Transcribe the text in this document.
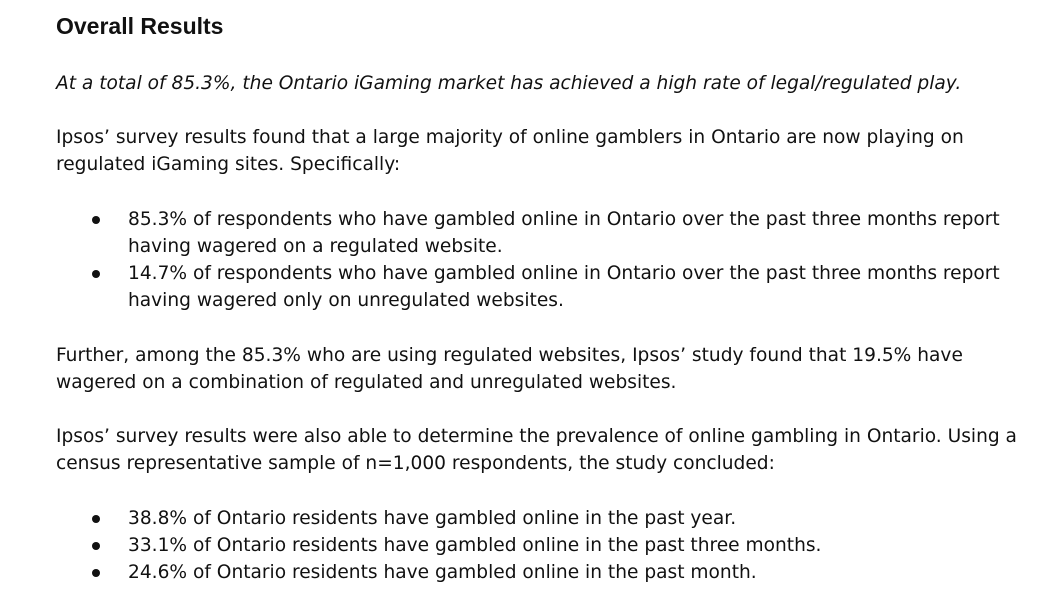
Overall Results

At a total of 85.3%, the Ontario iGaming market has achieved a high rate of legal/regulated play.

Ipsos’ survey results found that a large majority of online gamblers in Ontario are now playing on
regulated iGaming sites. Specifically:

85.3% of respondents who have gambled online in Ontario over the past three months report
having wagered on a regulated website.
14.7% of respondents who have gambled online in Ontario over the past three months report
having wagered only on unregulated websites.

Further, among the 85.3% who are using regulated websites, Ipsos’ study found that 19.5% have
wagered on a combination of regulated and unregulated websites.

Ipsos’ survey results were also able to determine the prevalence of online gambling in Ontario. Using a
census representative sample of n=1,000 respondents, the study concluded:

38.8% of Ontario residents have gambled online in the past year.
33.1% of Ontario residents have gambled online in the past three months.
24.6% of Ontario residents have gambled online in the past month.
